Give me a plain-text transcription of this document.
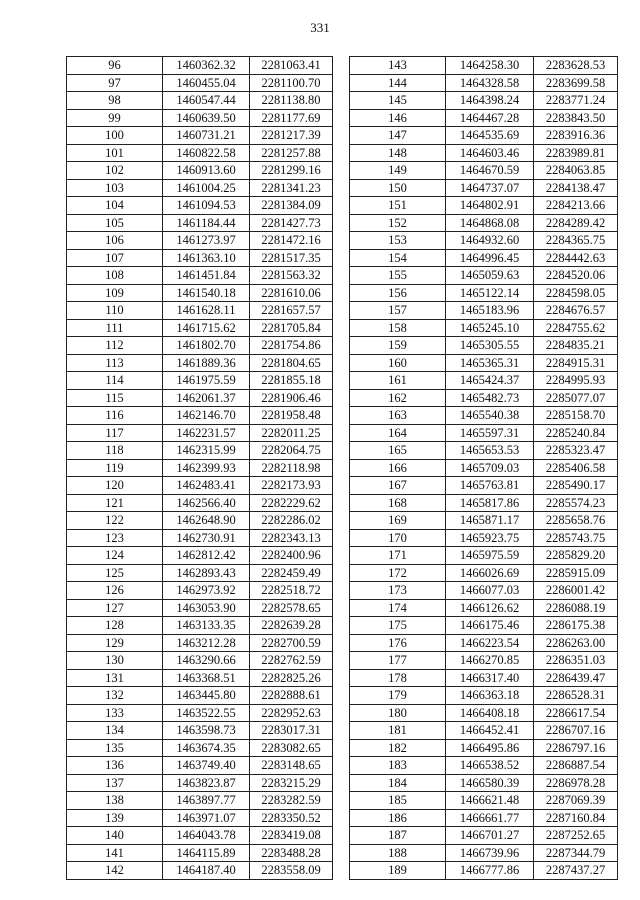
331
96	1460362.32	2281063.41
97	1460455.04	2281100.70
98	1460547.44	2281138.80
99	1460639.50	2281177.69
100	1460731.21	2281217.39
101	1460822.58	2281257.88
102	1460913.60	2281299.16
103	1461004.25	2281341.23
104	1461094.53	2281384.09
105	1461184.44	2281427.73
106	1461273.97	2281472.16
107	1461363.10	2281517.35
108	1461451.84	2281563.32
109	1461540.18	2281610.06
110	1461628.11	2281657.57
111	1461715.62	2281705.84
112	1461802.70	2281754.86
113	1461889.36	2281804.65
114	1461975.59	2281855.18
115	1462061.37	2281906.46
116	1462146.70	2281958.48
117	1462231.57	2282011.25
118	1462315.99	2282064.75
119	1462399.93	2282118.98
120	1462483.41	2282173.93
121	1462566.40	2282229.62
122	1462648.90	2282286.02
123	1462730.91	2282343.13
124	1462812.42	2282400.96
125	1462893.43	2282459.49
126	1462973.92	2282518.72
127	1463053.90	2282578.65
128	1463133.35	2282639.28
129	1463212.28	2282700.59
130	1463290.66	2282762.59
131	1463368.51	2282825.26
132	1463445.80	2282888.61
133	1463522.55	2282952.63
134	1463598.73	2283017.31
135	1463674.35	2283082.65
136	1463749.40	2283148.65
137	1463823.87	2283215.29
138	1463897.77	2283282.59
139	1463971.07	2283350.52
140	1464043.78	2283419.08
141	1464115.89	2283488.28
142	1464187.40	2283558.09
143	1464258.30	2283628.53
144	1464328.58	2283699.58
145	1464398.24	2283771.24
146	1464467.28	2283843.50
147	1464535.69	2283916.36
148	1464603.46	2283989.81
149	1464670.59	2284063.85
150	1464737.07	2284138.47
151	1464802.91	2284213.66
152	1464868.08	2284289.42
153	1464932.60	2284365.75
154	1464996.45	2284442.63
155	1465059.63	2284520.06
156	1465122.14	2284598.05
157	1465183.96	2284676.57
158	1465245.10	2284755.62
159	1465305.55	2284835.21
160	1465365.31	2284915.31
161	1465424.37	2284995.93
162	1465482.73	2285077.07
163	1465540.38	2285158.70
164	1465597.31	2285240.84
165	1465653.53	2285323.47
166	1465709.03	2285406.58
167	1465763.81	2285490.17
168	1465817.86	2285574.23
169	1465871.17	2285658.76
170	1465923.75	2285743.75
171	1465975.59	2285829.20
172	1466026.69	2285915.09
173	1466077.03	2286001.42
174	1466126.62	2286088.19
175	1466175.46	2286175.38
176	1466223.54	2286263.00
177	1466270.85	2286351.03
178	1466317.40	2286439.47
179	1466363.18	2286528.31
180	1466408.18	2286617.54
181	1466452.41	2286707.16
182	1466495.86	2286797.16
183	1466538.52	2286887.54
184	1466580.39	2286978.28
185	1466621.48	2287069.39
186	1466661.77	2287160.84
187	1466701.27	2287252.65
188	1466739.96	2287344.79
189	1466777.86	2287437.27
